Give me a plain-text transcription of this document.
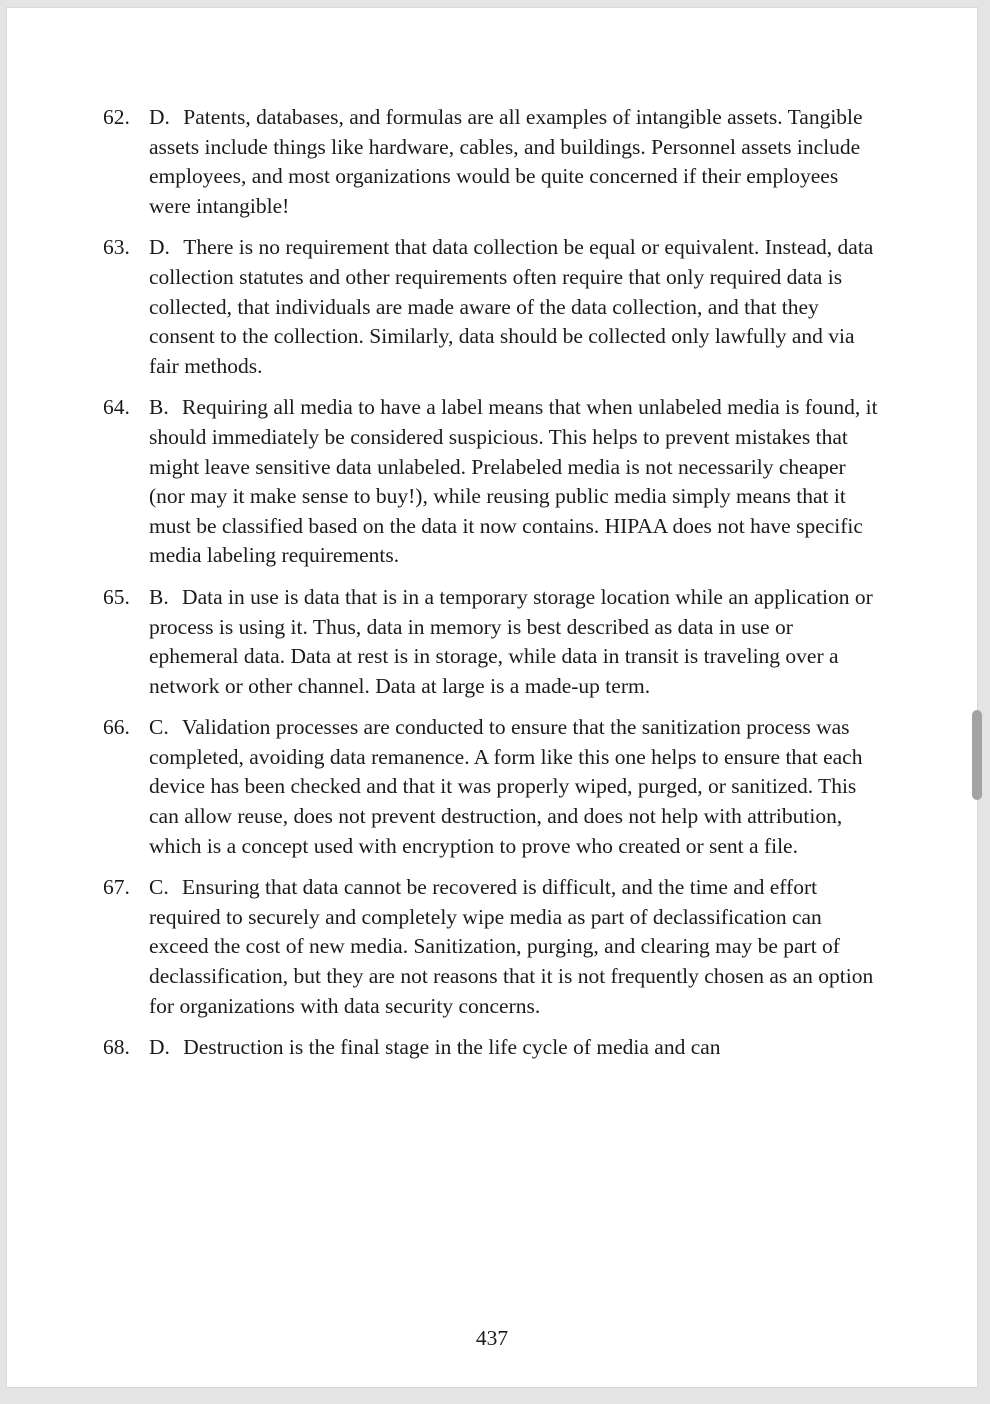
62. D. Patents, databases, and formulas are all examples of intangible assets. Tangible assets include things like hardware, cables, and buildings. Personnel assets include employees, and most organizations would be quite concerned if their employees were intangible!

63. D. There is no requirement that data collection be equal or equivalent. Instead, data collection statutes and other requirements often require that only required data is collected, that individuals are made aware of the data collection, and that they consent to the collection. Similarly, data should be collected only lawfully and via fair methods.

64. B. Requiring all media to have a label means that when unlabeled media is found, it should immediately be considered suspicious. This helps to prevent mistakes that might leave sensitive data unlabeled. Prelabeled media is not necessarily cheaper (nor may it make sense to buy!), while reusing public media simply means that it must be classified based on the data it now contains. HIPAA does not have specific media labeling requirements.

65. B. Data in use is data that is in a temporary storage location while an application or process is using it. Thus, data in memory is best described as data in use or ephemeral data. Data at rest is in storage, while data in transit is traveling over a network or other channel. Data at large is a made-up term.

66. C. Validation processes are conducted to ensure that the sanitization process was completed, avoiding data remanence. A form like this one helps to ensure that each device has been checked and that it was properly wiped, purged, or sanitized. This can allow reuse, does not prevent destruction, and does not help with attribution, which is a concept used with encryption to prove who created or sent a file.

67. C. Ensuring that data cannot be recovered is difficult, and the time and effort required to securely and completely wipe media as part of declassification can exceed the cost of new media. Sanitization, purging, and clearing may be part of declassification, but they are not reasons that it is not frequently chosen as an option for organizations with data security concerns.

68. D. Destruction is the final stage in the life cycle of media and can

437
